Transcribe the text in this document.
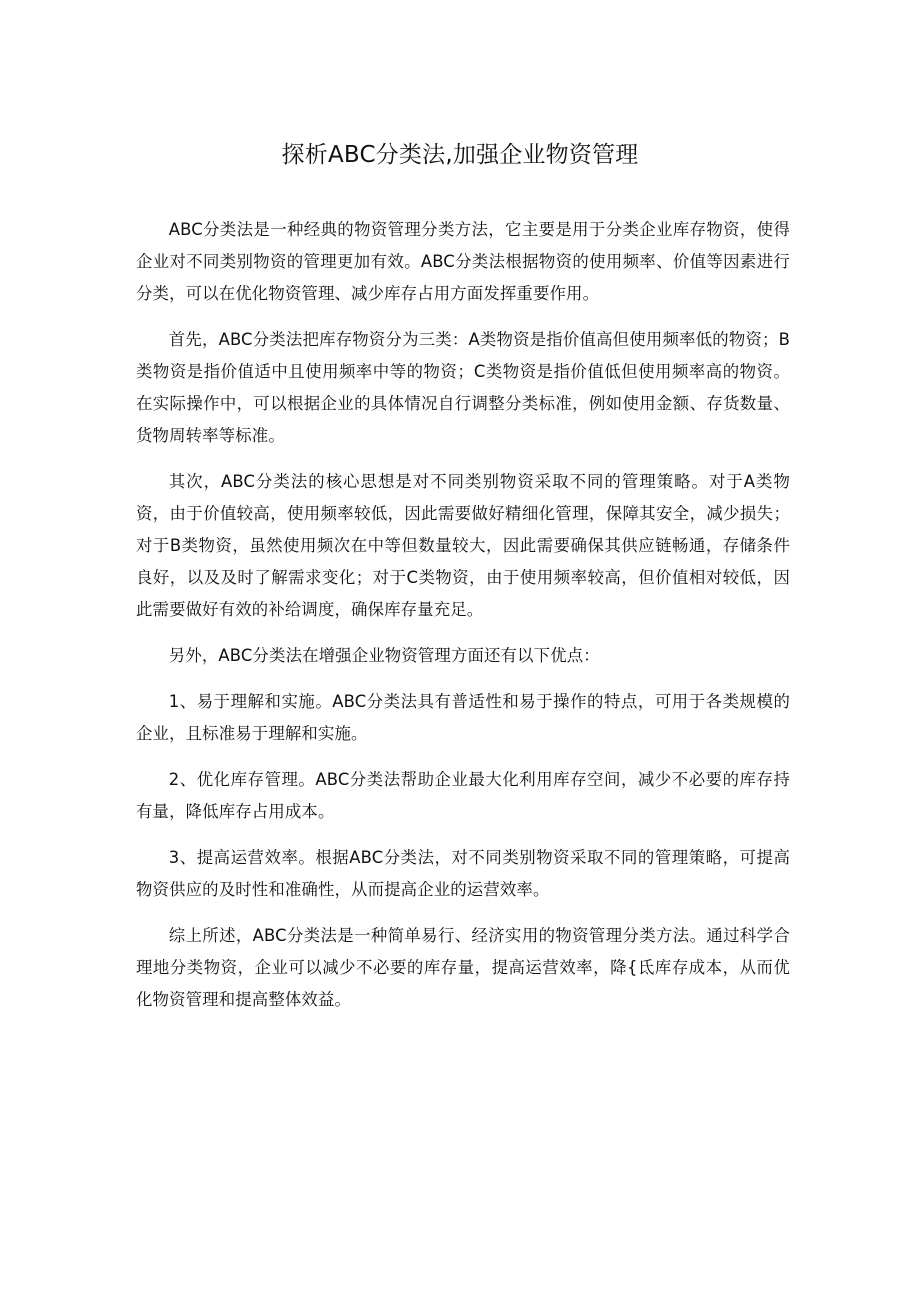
探析ABC分类法,加强企业物资管理

ABC分类法是一种经典的物资管理分类方法，它主要是用于分类企业库存物资，使得企业对不同类别物资的管理更加有效。ABC分类法根据物资的使用频率、价值等因素进行分类，可以在优化物资管理、减少库存占用方面发挥重要作用。

首先，ABC分类法把库存物资分为三类：A类物资是指价值高但使用频率低的物资；B类物资是指价值适中且使用频率中等的物资；C类物资是指价值低但使用频率高的物资。在实际操作中，可以根据企业的具体情况自行调整分类标准，例如使用金额、存货数量、货物周转率等标准。

其次，ABC分类法的核心思想是对不同类别物资采取不同的管理策略。对于A类物资，由于价值较高，使用频率较低，因此需要做好精细化管理，保障其安全，减少损失；对于B类物资，虽然使用频次在中等但数量较大，因此需要确保其供应链畅通，存储条件良好，以及及时了解需求变化；对于C类物资，由于使用频率较高，但价值相对较低，因此需要做好有效的补给调度，确保库存量充足。

另外，ABC分类法在增强企业物资管理方面还有以下优点：

1、易于理解和实施。ABC分类法具有普适性和易于操作的特点，可用于各类规模的企业，且标准易于理解和实施。

2、优化库存管理。ABC分类法帮助企业最大化利用库存空间，减少不必要的库存持有量，降低库存占用成本。

3、提高运营效率。根据ABC分类法，对不同类别物资采取不同的管理策略，可提高物资供应的及时性和准确性，从而提高企业的运营效率。

综上所述，ABC分类法是一种简单易行、经济实用的物资管理分类方法。通过科学合理地分类物资，企业可以减少不必要的库存量，提高运营效率，降{氐库存成本，从而优化物资管理和提高整体效益。
